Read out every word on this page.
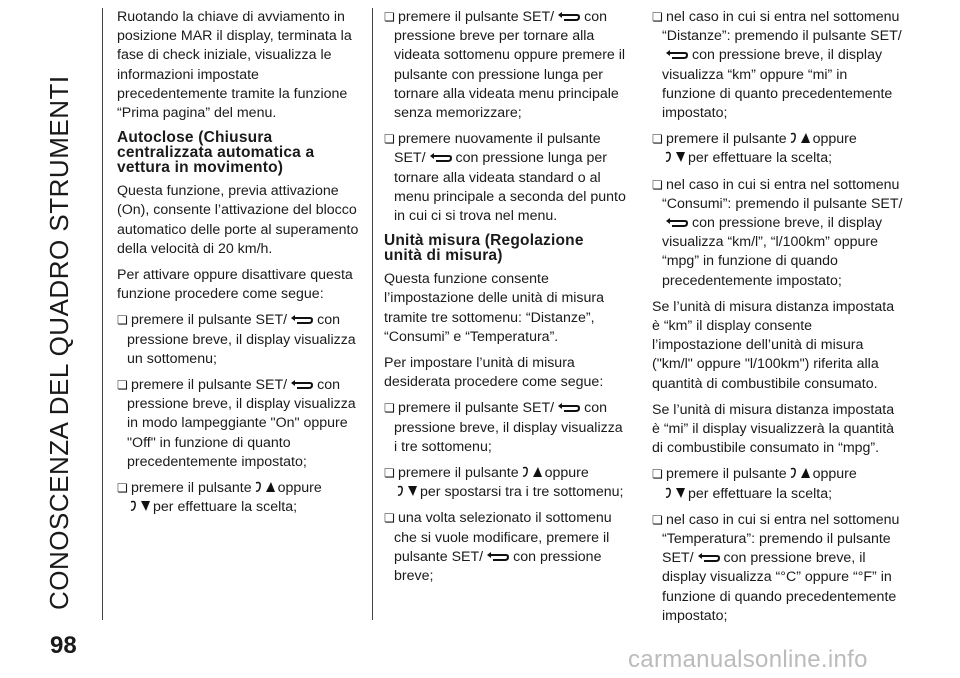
CONOSCENZA DEL QUADRO STRUMENTI

Ruotando la chiave di avviamento in posizione MAR il display, terminata la fase di check iniziale, visualizza le informazioni impostate precedentemente tramite la funzione “Prima pagina” del menu.

Autoclose (Chiusura centralizzata automatica a vettura in movimento)

Questa funzione, previa attivazione (On), consente l’attivazione del blocco automatico delle porte al superamento della velocità di 20 km/h.

Per attivare oppure disattivare questa funzione procedere come segue:

❏ premere il pulsante SET/ con pressione breve, il display visualizza un sottomenu;
❏ premere il pulsante SET/ con pressione breve, il display visualizza in modo lampeggiante "On" oppure "Off" in funzione di quanto precedentemente impostato;
❏ premere il pulsante oppure
per effettuare la scelta;
❏ premere il pulsante SET/ con pressione breve per tornare alla videata sottomenu oppure premere il pulsante con pressione lunga per tornare alla videata menu principale senza memorizzare;
❏ premere nuovamente il pulsante SET/ con pressione lunga per tornare alla videata standard o al menu principale a seconda del punto in cui ci si trova nel menu.
Unità misura (Regolazione unità di misura)

Questa funzione consente l’impostazione delle unità di misura tramite tre sottomenu: “Distanze”, “Consumi” e “Temperatura”.

Per impostare l’unità di misura desiderata procedere come segue:

❏ premere il pulsante SET/ con pressione breve, il display visualizza i tre sottomenu;
❏ premere il pulsante oppure
per spostarsi tra i tre sottomenu;
❏ una volta selezionato il sottomenu che si vuole modificare, premere il pulsante SET/ con pressione breve;
❏ nel caso in cui si entra nel sottomenu “Distanze”: premendo il pulsante SET/con pressione breve, il display visualizza “km” oppure “mi” in funzione di quanto precedentemente impostato;
❏ premere il pulsante oppure
per effettuare la scelta;
❏ nel caso in cui si entra nel sottomenu “Consumi”: premendo il pulsante SET/con pressione breve, il display visualizza “km/l”, “l/100km” oppure “mpg” in funzione di quando precedentemente impostato;

Se l’unità di misura distanza impostata è “km” il display consente l’impostazione dell’unità di misura ("km/l" oppure "l/100km") riferita alla quantità di combustibile consumato.

Se l’unità di misura distanza impostata è “mi” il display visualizzerà la quantità di combustibile consumato in “mpg”.

❏ premere il pulsante oppure
per effettuare la scelta;
❏ nel caso in cui si entra nel sottomenu “Temperatura”: premendo il pulsante SET/ con pressione breve, il display visualizza “°C” oppure “°F” in funzione di quando precedentemente impostato;
98
carmanualsonline.info
